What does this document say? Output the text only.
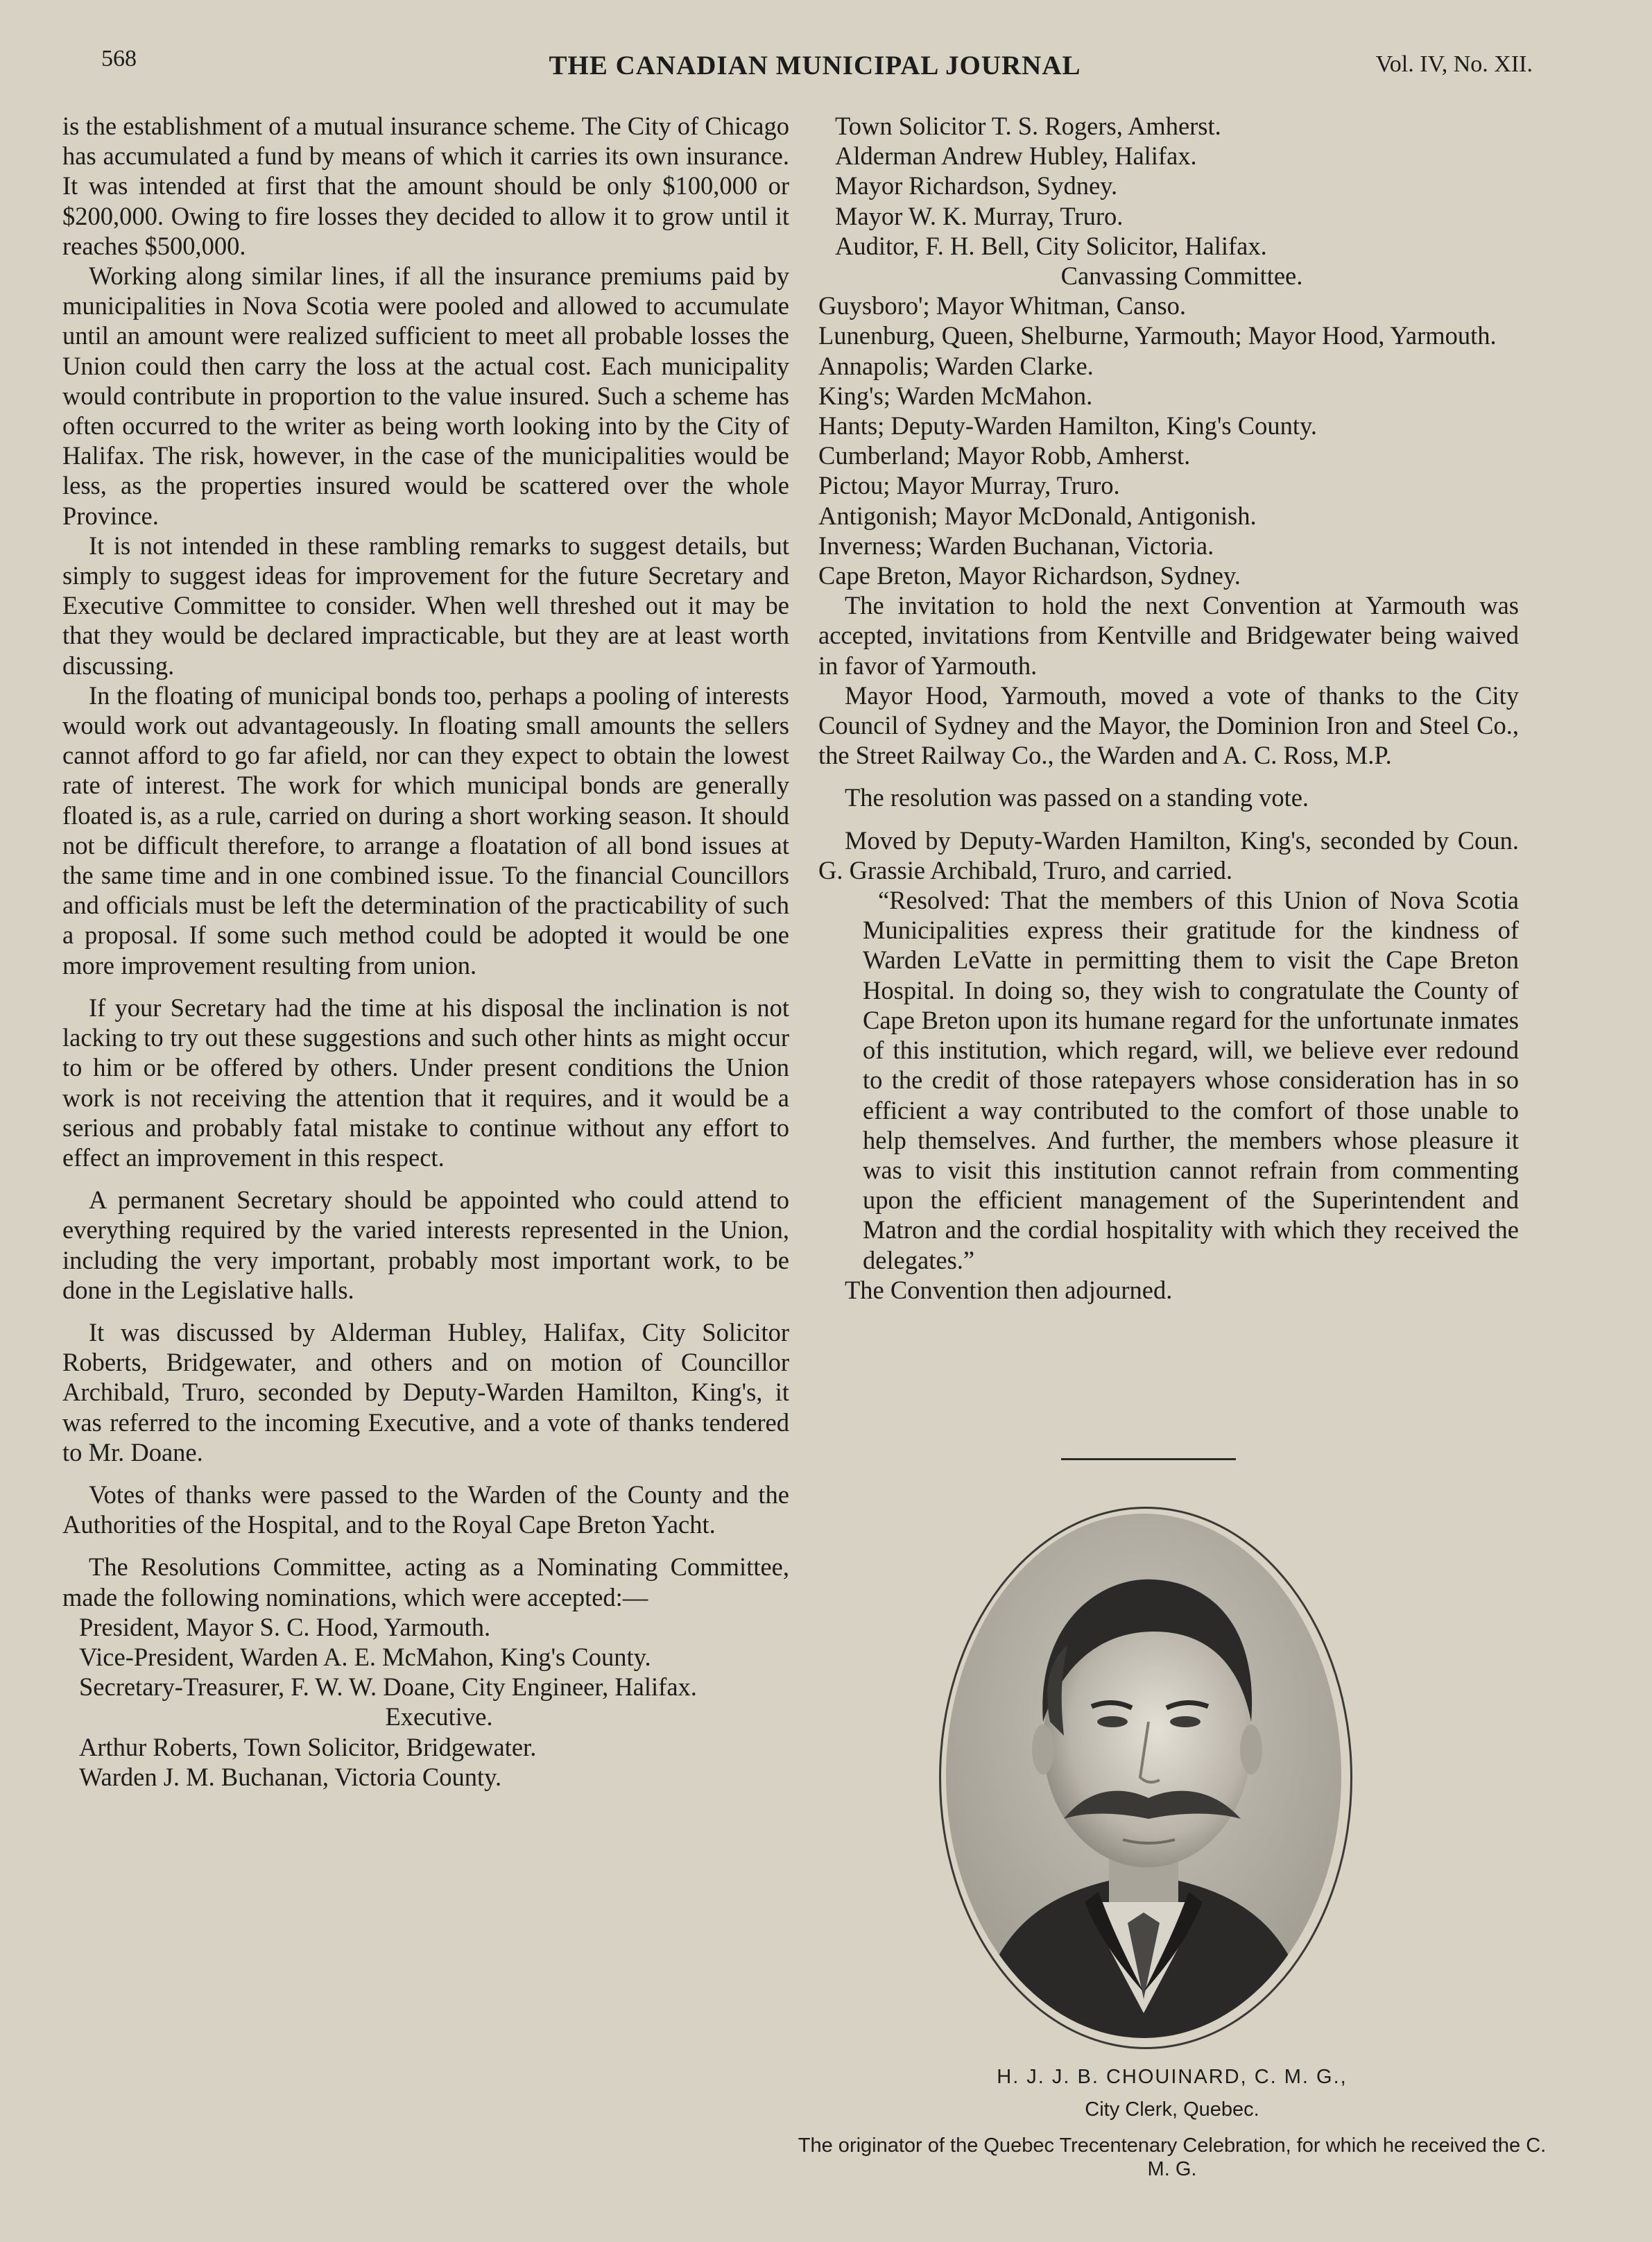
568	THE CANADIAN MUNICIPAL JOURNAL	Vol. IV, No. XII.

is the establishment of a mutual insurance scheme. The City of Chicago has accumulated a fund by means of which it carries its own insurance. It was intended at first that the amount should be only $100,000 or $200,000. Owing to fire losses they decided to allow it to grow until it reaches $500,000.

Working along similar lines, if all the insurance premiums paid by municipalities in Nova Scotia were pooled and allowed to accumulate until an amount were realized sufficient to meet all probable losses the Union could then carry the loss at the actual cost. Each municipality would contribute in proportion to the value insured. Such a scheme has often occurred to the writer as being worth looking into by the City of Halifax. The risk, however, in the case of the municipalities would be less, as the properties insured would be scattered over the whole Province.

It is not intended in these rambling remarks to suggest details, but simply to suggest ideas for improvement for the future Secretary and Executive Committee to consider. When well threshed out it may be that they would be declared impracticable, but they are at least worth discussing.

In the floating of municipal bonds too, perhaps a pooling of interests would work out advantageously. In floating small amounts the sellers cannot afford to go far afield, nor can they expect to obtain the lowest rate of interest. The work for which municipal bonds are generally floated is, as a rule, carried on during a short working season. It should not be difficult therefore, to arrange a floatation of all bond issues at the same time and in one combined issue. To the financial Councillors and officials must be left the determination of the practicability of such a proposal. If some such method could be adopted it would be one more improvement resulting from union.

If your Secretary had the time at his disposal the inclination is not lacking to try out these suggestions and such other hints as might occur to him or be offered by others. Under present conditions the Union work is not receiving the attention that it requires, and it would be a serious and probably fatal mistake to continue without any effort to effect an improvement in this respect.

A permanent Secretary should be appointed who could attend to everything required by the varied interests represented in the Union, including the very important, probably most important work, to be done in the Legislative halls.

It was discussed by Alderman Hubley, Halifax, City Solicitor Roberts, Bridgewater, and others and on motion of Councillor Archibald, Truro, seconded by Deputy-Warden Hamilton, King's, it was referred to the incoming Executive, and a vote of thanks tendered to Mr. Doane.

Votes of thanks were passed to the Warden of the County and the Authorities of the Hospital, and to the Royal Cape Breton Yacht.

The Resolutions Committee, acting as a Nominating Committee, made the following nominations, which were accepted:—

President, Mayor S. C. Hood, Yarmouth.

Vice-President, Warden A. E. McMahon, King's County.

Secretary-Treasurer, F. W. W. Doane, City Engineer, Halifax.

Executive.

Arthur Roberts, Town Solicitor, Bridgewater.

Warden J. M. Buchanan, Victoria County.

Town Solicitor T. S. Rogers, Amherst.

Alderman Andrew Hubley, Halifax.

Mayor Richardson, Sydney.

Mayor W. K. Murray, Truro.

Auditor, F. H. Bell, City Solicitor, Halifax.

Canvassing Committee.

Guysboro'; Mayor Whitman, Canso.

Lunenburg, Queen, Shelburne, Yarmouth; Mayor Hood, Yarmouth.

Annapolis; Warden Clarke.

King's; Warden McMahon.

Hants; Deputy-Warden Hamilton, King's County.

Cumberland; Mayor Robb, Amherst.

Pictou; Mayor Murray, Truro.

Antigonish; Mayor McDonald, Antigonish.

Inverness; Warden Buchanan, Victoria.

Cape Breton, Mayor Richardson, Sydney.

The invitation to hold the next Convention at Yarmouth was accepted, invitations from Kentville and Bridgewater being waived in favor of Yarmouth.

Mayor Hood, Yarmouth, moved a vote of thanks to the City Council of Sydney and the Mayor, the Dominion Iron and Steel Co., the Street Railway Co., the Warden and A. C. Ross, M.P.

The resolution was passed on a standing vote.

Moved by Deputy-Warden Hamilton, King's, seconded by Coun. G. Grassie Archibald, Truro, and carried.

“Resolved: That the members of this Union of Nova Scotia Municipalities express their gratitude for the kindness of Warden LeVatte in permitting them to visit the Cape Breton Hospital. In doing so, they wish to congratulate the County of Cape Breton upon its humane regard for the unfortunate inmates of this institution, which regard, will, we believe ever redound to the credit of those ratepayers whose consideration has in so efficient a way contributed to the comfort of those unable to help themselves. And further, the members whose pleasure it was to visit this institution cannot refrain from commenting upon the efficient management of the Superintendent and Matron and the cordial hospitality with which they received the delegates.”

The Convention then adjourned.

H. J. J. B. CHOUINARD, C. M. G.,
City Clerk, Quebec.
The originator of the Quebec Trecentenary Celebration, for which he received the C. M. G.
